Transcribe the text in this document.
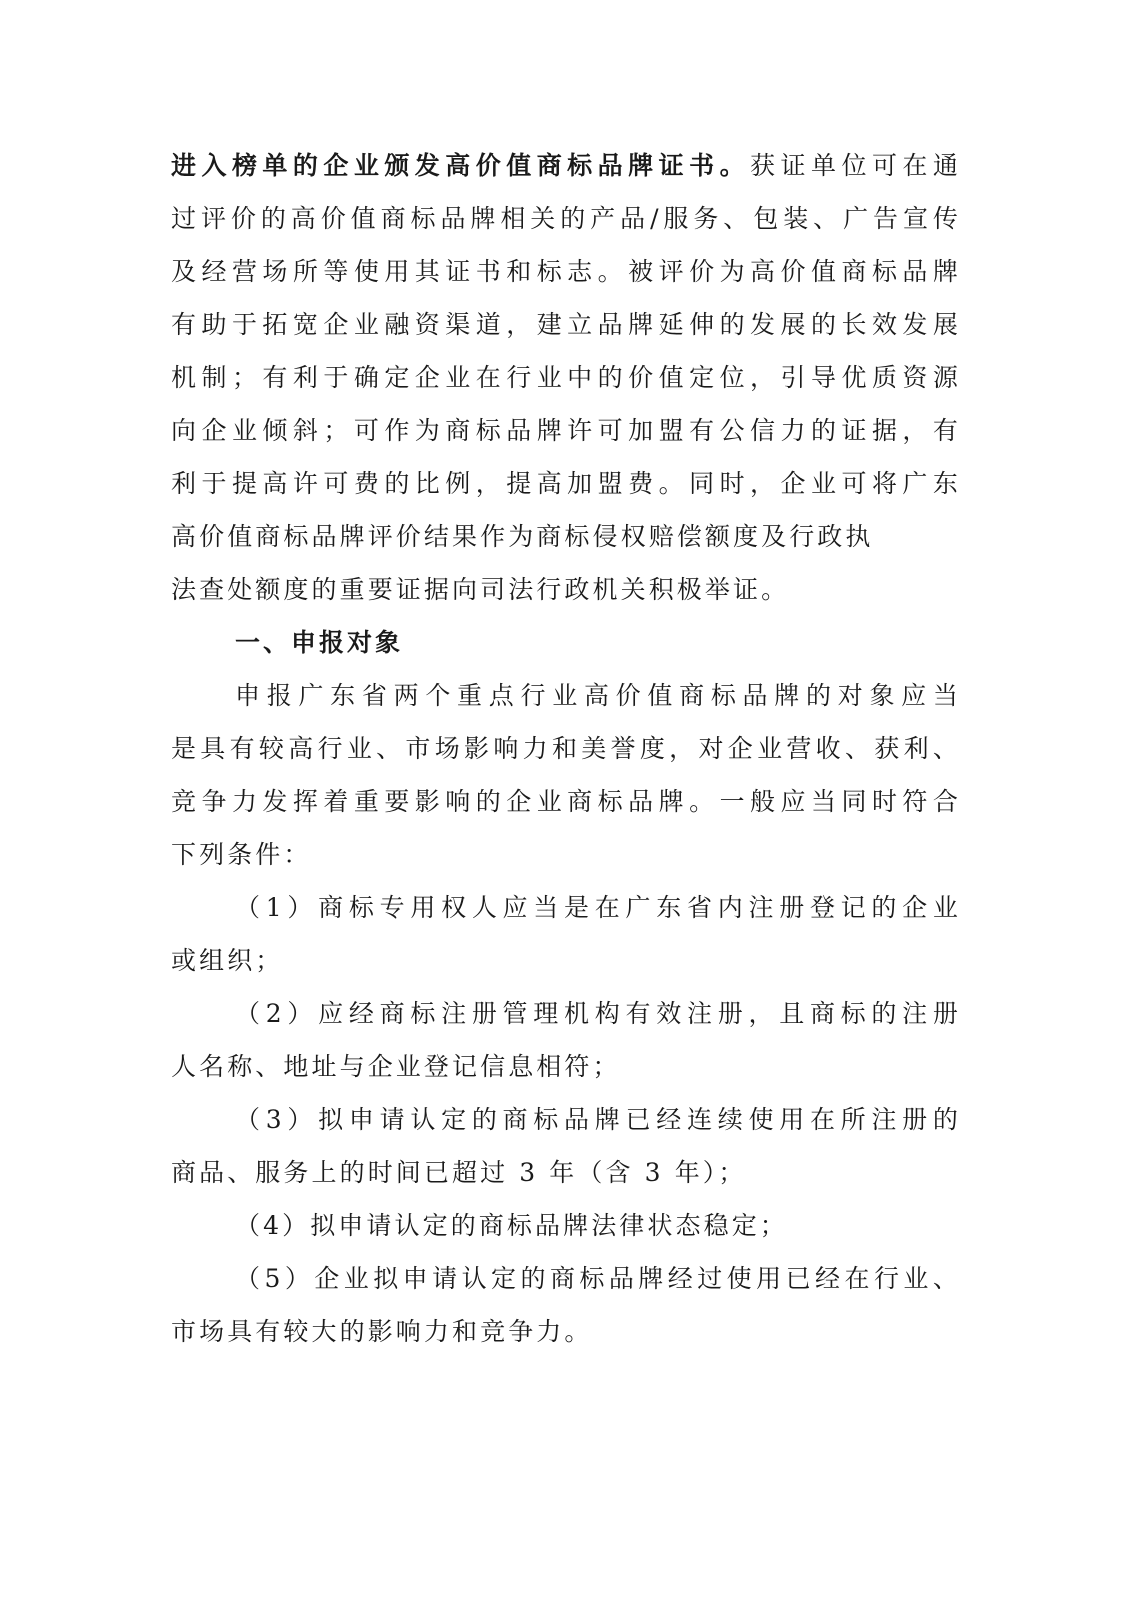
进入榜单的企业颁发高价值商标品牌证书。获证单位可在通
过评价的高价值商标品牌相关的产品/服务、包装、广告宣传
及经营场所等使用其证书和标志。被评价为高价值商标品牌
有助于拓宽企业融资渠道，建立品牌延伸的发展的长效发展
机制；有利于确定企业在行业中的价值定位，引导优质资源
向企业倾斜；可作为商标品牌许可加盟有公信力的证据，有
利于提高许可费的比例，提高加盟费。同时，企业可将广东
高价值商标品牌评价结果作为商标侵权赔偿额度及行政执
法查处额度的重要证据向司法行政机关积极举证。
一、申报对象
申报广东省两个重点行业高价值商标品牌的对象应当
是具有较高行业、市场影响力和美誉度，对企业营收、获利、
竞争力发挥着重要影响的企业商标品牌。一般应当同时符合
下列条件：
（1）商标专用权人应当是在广东省内注册登记的企业
或组织；
（2）应经商标注册管理机构有效注册，且商标的注册
人名称、地址与企业登记信息相符；
（3）拟申请认定的商标品牌已经连续使用在所注册的
商品、服务上的时间已超过 3 年（含 3 年）；
（4）拟申请认定的商标品牌法律状态稳定；
（5）企业拟申请认定的商标品牌经过使用已经在行业、
市场具有较大的影响力和竞争力。
